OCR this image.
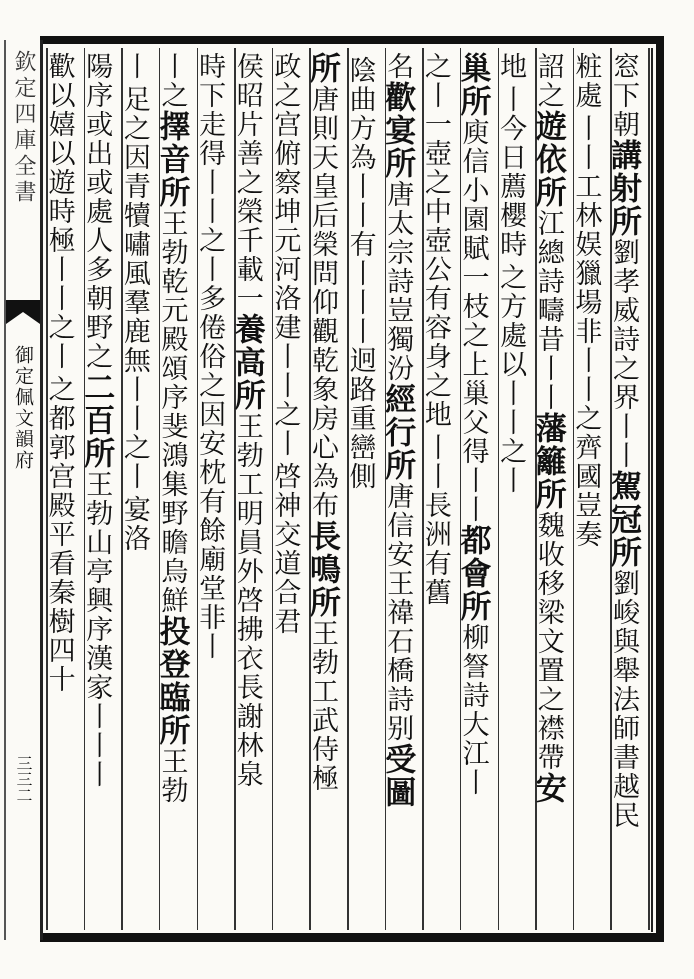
欽定四庫全書
御定佩文韻府
三三二
窓下朝講射所劉孝威詩之界丨丨駕冠所劉峻與舉法師書越民
粧處丨丨工林娱獵場非丨丨之齊國豈奏
詔之遊依所江總詩疇昔丨丨藩籬所魏收移梁文置之襟帶安
地丨今日薦櫻時之方處以丨丨之丨
巢所庾信小園賦一枝之上巢父得丨丨都會所柳詧詩大江丨
之丨一壺之中壺公有容身之地丨丨長洲有舊
名歡宴所唐太宗詩豈獨汾經行所唐信安王禕石橋詩别受圖
陰曲方為丨丨有丨丨丨迥路重巒側
所唐則天皇后榮問仰觀乾象房心為布長鳴所王勃工武侍極
政之宫俯察坤元河洛建丨丨之丨啓神交道合君
侯昭片善之榮千載一養高所王勃工明員外啓拂衣長謝林泉
時下走得丨丨之丨多倦俗之因安枕有餘廟堂非丨
丨之擇音所王勃乾元殿頌序斐鴻集野瞻烏鮮投登臨所王勃
丨足之因青犢嘯風羣鹿無丨丨之丨宴洛
陽序或出或處人多朝野之二百所王勃山亭興序漢家丨丨丨
歡以嬉以遊時極丨丨之丨之都郭宫殿平看秦樹四十
